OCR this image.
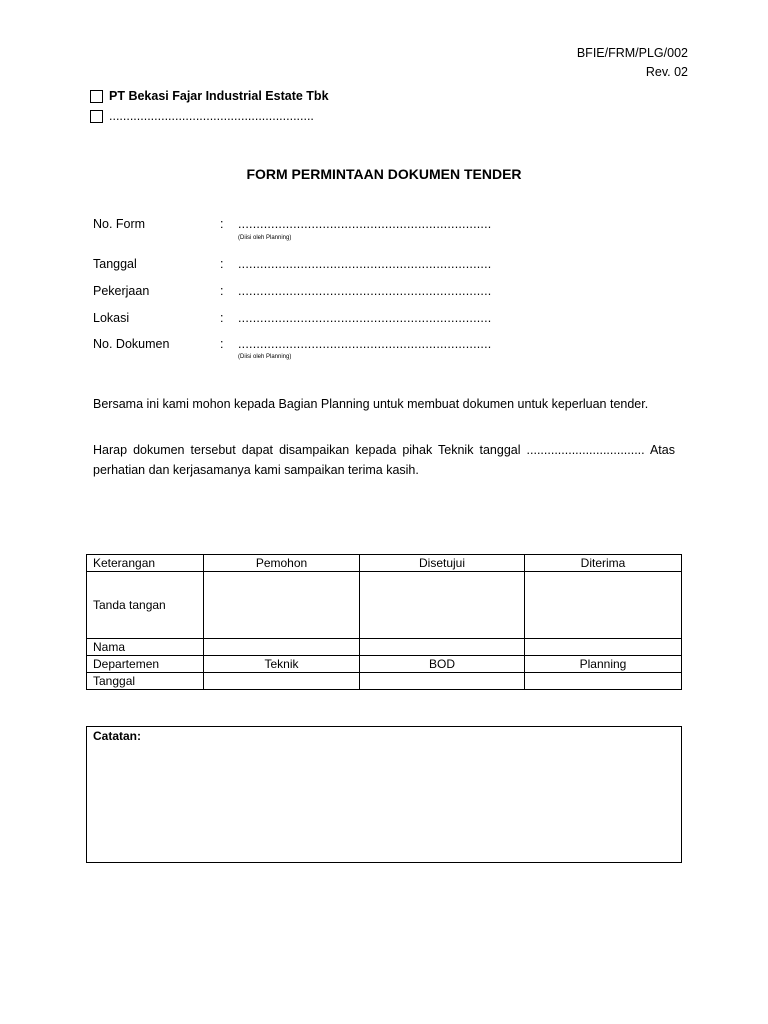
BFIE/FRM/PLG/002
Rev. 02
PT Bekasi Fajar Industrial Estate Tbk
...........................................................
FORM PERMINTAAN DOKUMEN TENDER
No. Form	: .....................................................................
(Diisi oleh Planning)
Tanggal	: .....................................................................
Pekerjaan	: .....................................................................
Lokasi	: .....................................................................
No. Dokumen	: .....................................................................
(Diisi oleh Planning)
Bersama ini kami mohon kepada Bagian Planning untuk membuat dokumen untuk keperluan tender.
Harap dokumen tersebut dapat disampaikan kepada pihak Teknik tanggal .................................. Atas perhatian dan kerjasamanya kami sampaikan terima kasih.
Keterangan	Pemohon	Disetujui	Diterima
Tanda tangan			
Nama			
Departemen	Teknik	BOD	Planning
Tanggal			
Catatan:
